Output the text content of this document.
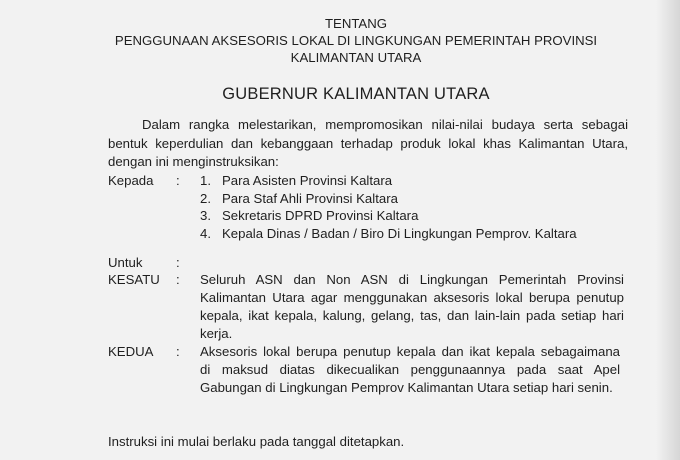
TENTANG
PENGGUNAAN AKSESORIS LOKAL DI LINGKUNGAN PEMERINTAH PROVINSI
KALIMANTAN UTARA
GUBERNUR KALIMANTAN UTARA
Dalam rangka melestarikan, mempromosikan nilai-nilai budaya serta sebagai
bentuk keperdulian dan kebanggaan terhadap produk lokal khas Kalimantan Utara,
dengan ini menginstruksikan:
Kepada : 1. Para Asisten Provinsi Kaltara
2. Para Staf Ahli Provinsi Kaltara
3. Sekretaris DPRD Provinsi Kaltara
4. Kepala Dinas / Badan / Biro Di Lingkungan Pemprov. Kaltara
Untuk	:
KESATU : Seluruh ASN dan Non ASN di Lingkungan Pemerintah Provinsi
Kalimantan Utara agar menggunakan aksesoris lokal berupa penutup
kepala, ikat kepala, kalung, gelang, tas, dan lain-lain pada setiap hari
kerja.
KEDUA : Aksesoris lokal berupa penutup kepala dan ikat kepala sebagaimana
di maksud diatas dikecualikan penggunaannya pada saat Apel
Gabungan di Lingkungan Pemprov Kalimantan Utara setiap hari senin.
Instruksi ini mulai berlaku pada tanggal ditetapkan.
